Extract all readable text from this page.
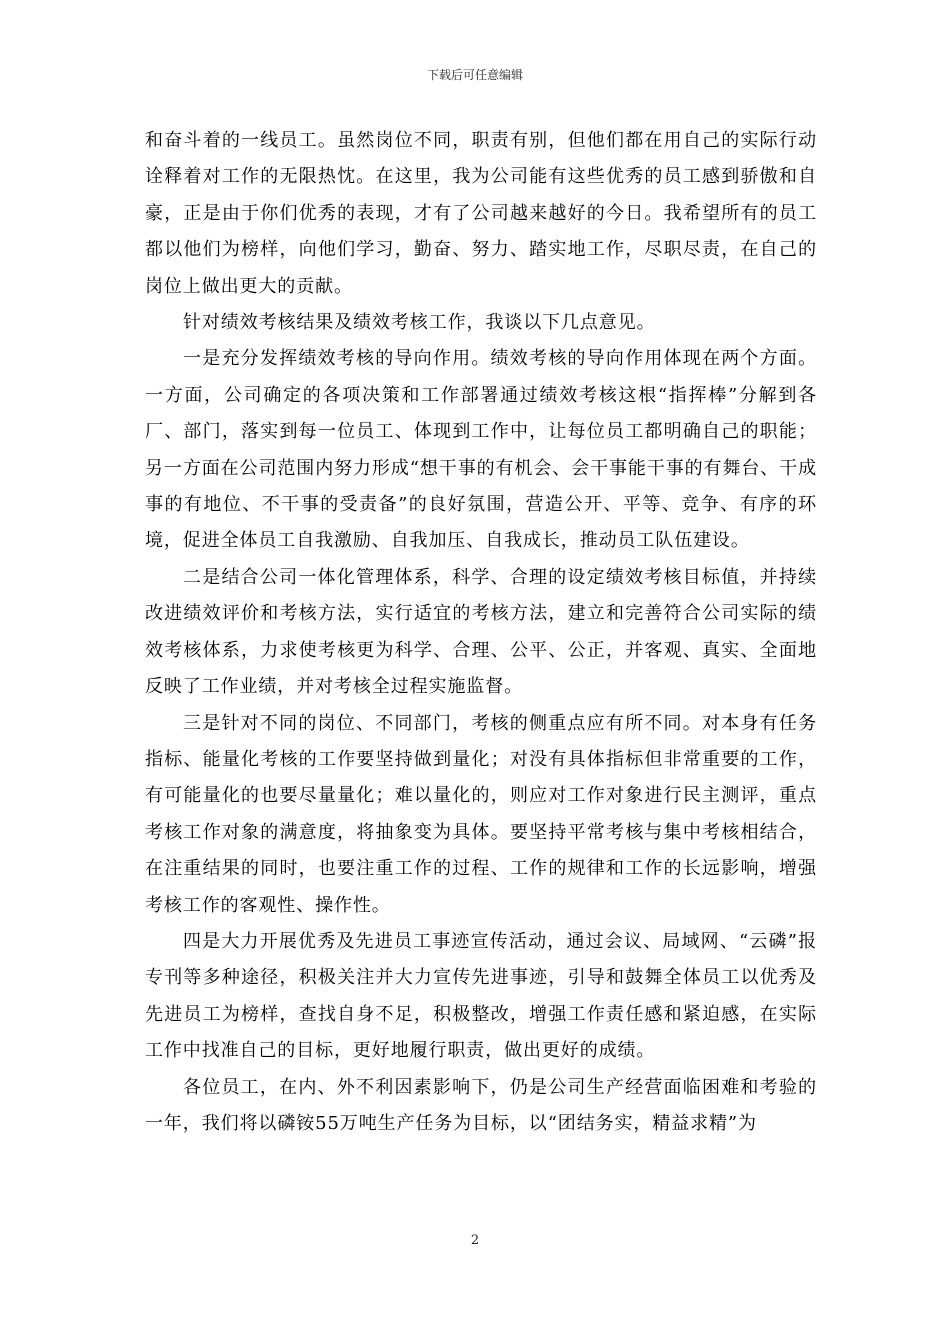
下载后可任意编辑

和奋斗着的一线员工。虽然岗位不同，职责有别，但他们都在用自己的实际行动诠释着对工作的无限热忱。在这里，我为公司能有这些优秀的员工感到骄傲和自豪，正是由于你们优秀的表现，才有了公司越来越好的今日。我希望所有的员工都以他们为榜样，向他们学习，勤奋、努力、踏实地工作，尽职尽责，在自己的岗位上做出更大的贡献。

针对绩效考核结果及绩效考核工作，我谈以下几点意见。

一是充分发挥绩效考核的导向作用。绩效考核的导向作用体现在两个方面。一方面，公司确定的各项决策和工作部署通过绩效考核这根“指挥棒”分解到各厂、部门，落实到每一位员工、体现到工作中，让每位员工都明确自己的职能；另一方面在公司范围内努力形成“想干事的有机会、会干事能干事的有舞台、干成事的有地位、不干事的受责备”的良好氛围，营造公开、平等、竞争、有序的环境，促进全体员工自我激励、自我加压、自我成长，推动员工队伍建设。

二是结合公司一体化管理体系，科学、合理的设定绩效考核目标值，并持续改进绩效评价和考核方法，实行适宜的考核方法，建立和完善符合公司实际的绩效考核体系，力求使考核更为科学、合理、公平、公正，并客观、真实、全面地反映了工作业绩，并对考核全过程实施监督。

三是针对不同的岗位、不同部门，考核的侧重点应有所不同。对本身有任务指标、能量化考核的工作要坚持做到量化；对没有具体指标但非常重要的工作，有可能量化的也要尽量量化；难以量化的，则应对工作对象进行民主测评，重点考核工作对象的满意度，将抽象变为具体。要坚持平常考核与集中考核相结合，在注重结果的同时，也要注重工作的过程、工作的规律和工作的长远影响，增强考核工作的客观性、操作性。

四是大力开展优秀及先进员工事迹宣传活动，通过会议、局域网、“云磷”报专刊等多种途径，积极关注并大力宣传先进事迹，引导和鼓舞全体员工以优秀及先进员工为榜样，查找自身不足，积极整改，增强工作责任感和紧迫感，在实际工作中找准自己的目标，更好地履行职责，做出更好的成绩。

各位员工，在内、外不利因素影响下，仍是公司生产经营面临困难和考验的一年，我们将以磷铵55万吨生产任务为目标，以“团结务实，精益求精”为

2
